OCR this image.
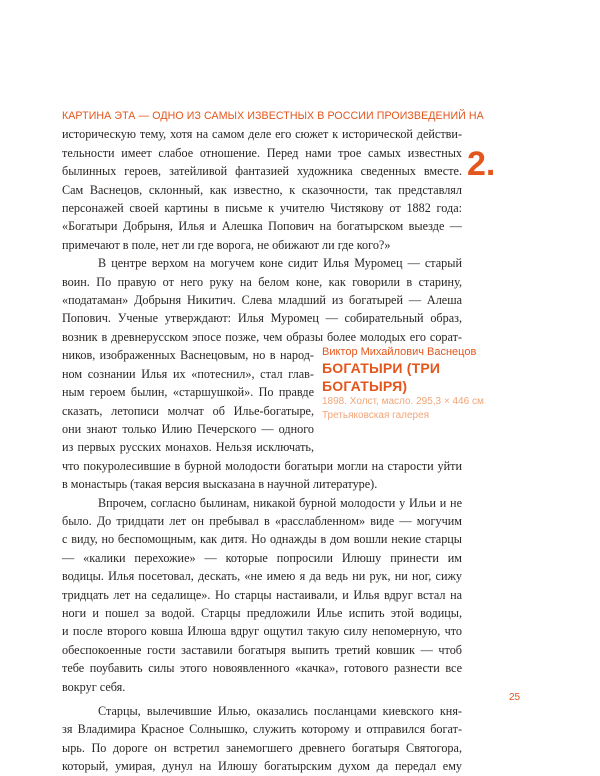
КАРТИНА ЭТА — ОДНО ИЗ САМЫХ ИЗВЕСТНЫХ В РОССИИ ПРОИЗВЕДЕНИЙ НА
историческую тему, хотя на самом деле его сюжет к исторической действи-
тельности имеет слабое отношение. Перед нами трое самых известных
былинных героев, затейливой фантазией художника сведенных вместе.
Сам Васнецов, склонный, как известно, к сказочности, так представлял
персонажей своей картины в письме к учителю Чистякову от 1882 года:
«Богатыри Добрыня, Илья и Алешка Попович на богатырском выезде —
примечают в поле, нет ли где ворога, не обижают ли где кого?»
В центре верхом на могучем коне сидит Илья Муромец — старый
воин. По правую от него руку на белом коне, как говорили в старину,
«податаман» Добрыня Никитич. Слева младший из богатырей — Алеша
Попович. Ученые утверждают: Илья Муромец — собирательный образ,
возник в древнерусском эпосе позже, чем образы более молодых его сорат-
ников, изображенных Васнецовым, но в народ-
ном сознании Илья их «потеснил», стал глав-
ным героем былин, «старшушкой». По правде
сказать, летописи молчат об Илье-богатыре,
они знают только Илию Печерского — одного
из первых русских монахов. Нельзя исключать,
что покуролесившие в бурной молодости богатыри могли на старости уйти
в монастырь (такая версия высказана в научной литературе).
Впрочем, согласно былинам, никакой бурной молодости у Ильи и не
было. До тридцати лет он пребывал в «расслабленном» виде — могучим
с виду, но беспомощным, как дитя. Но однажды в дом вошли некие старцы
— «калики перехожие» — которые попросили Илюшу принести им
водицы. Илья посетовал, дескать, «не имею я да ведь ни рук, ни ног, сижу
тридцать лет на седалище». Но старцы настаивали, и Илья вдруг встал на
ноги и пошел за водой. Старцы предложили Илье испить этой водицы,
и после второго ковша Илюша вдруг ощутил такую силу непомерную, что
обеспокоенные гости заставили богатыря выпить третий ковшик — чтоб
тебе поубавить силы этого новоявленного «качка», готового разнести все
вокруг себя.
Старцы, вылечившие Илью, оказались посланцами киевского кня-
зя Владимира Красное Солнышко, служить которому и отправился богат-
ырь. По дороге он встретил занемогшего древнего богатыря Святогора,
который, умирая, дунул на Илюшу богатырским духом да передал ему
2.
Виктор Михайлович Васнецов
БОГАТЫРИ (ТРИ БОГАТЫРЯ)
1898. Холст, масло. 295,3 × 446 см
Третьяковская галерея
25
